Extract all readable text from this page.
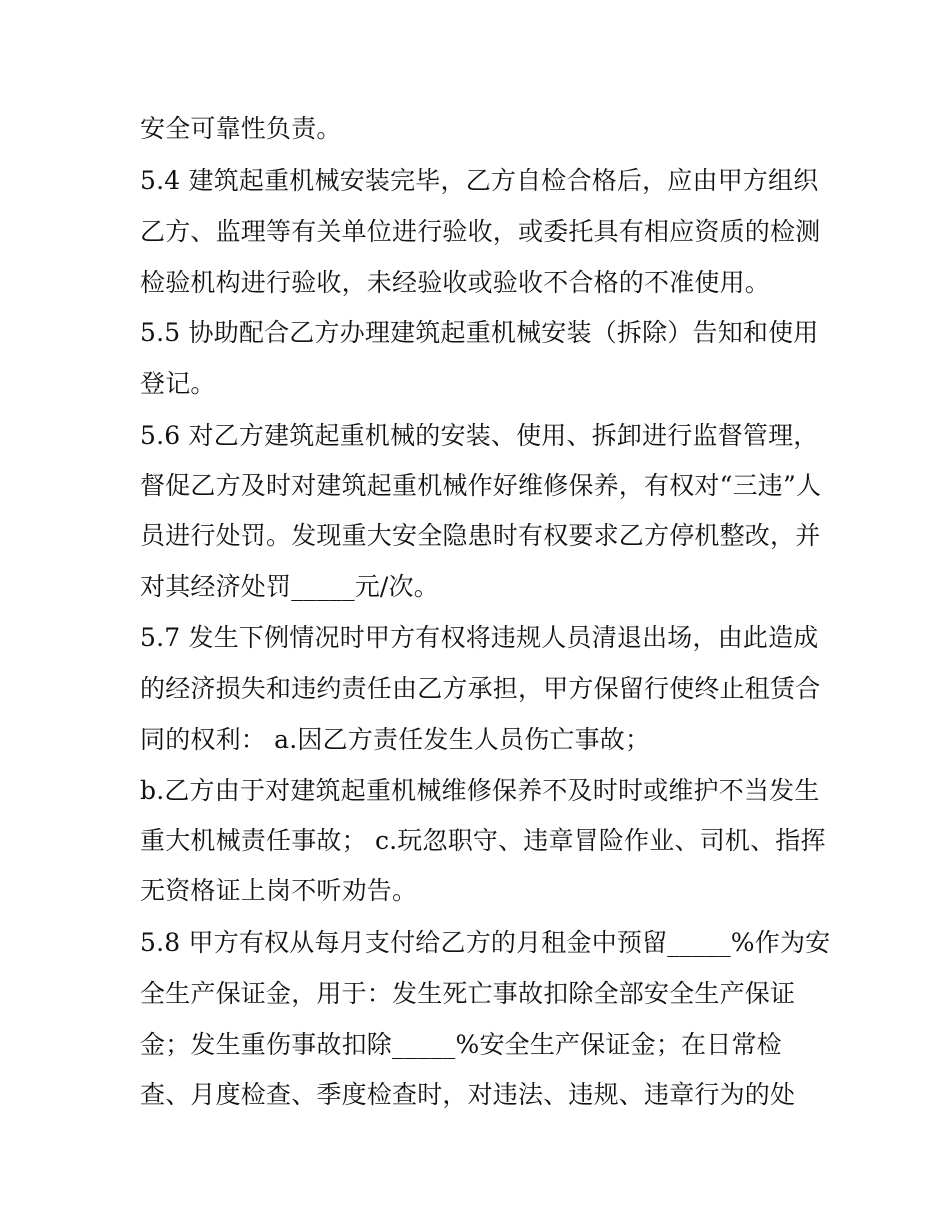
安全可靠性负责。
5.4 建筑起重机械安装完毕，乙方自检合格后，应由甲方组织
乙方、监理等有关单位进行验收，或委托具有相应资质的检测
检验机构进行验收，未经验收或验收不合格的不准使用。
5.5 协助配合乙方办理建筑起重机械安装（拆除）告知和使用
登记。
5.6 对乙方建筑起重机械的安装、使用、拆卸进行监督管理，
督促乙方及时对建筑起重机械作好维修保养，有权对“三违”人
员进行处罚。发现重大安全隐患时有权要求乙方停机整改，并
对其经济处罚_____元/次。
5.7 发生下例情况时甲方有权将违规人员清退出场，由此造成
的经济损失和违约责任由乙方承担，甲方保留行使终止租赁合
同的权利： a.因乙方责任发生人员伤亡事故；
b.乙方由于对建筑起重机械维修保养不及时时或维护不当发生
重大机械责任事故； c.玩忽职守、违章冒险作业、司机、指挥
无资格证上岗不听劝告。
5.8 甲方有权从每月支付给乙方的月租金中预留_____%作为安
全生产保证金，用于：发生死亡事故扣除全部安全生产保证
金；发生重伤事故扣除_____%安全生产保证金；在日常检
查、月度检查、季度检查时，对违法、违规、违章行为的处
